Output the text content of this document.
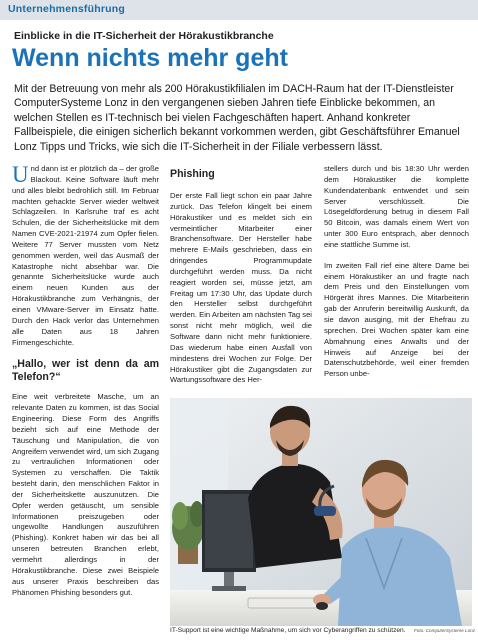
Unternehmensführung
Einblicke in die IT-Sicherheit der Hörakustikbranche
Wenn nichts mehr geht

Mit der Betreuung von mehr als 200 Hörakustikfilialen im DACH-Raum hat der IT-Dienstleister ComputerSysteme Lonz in den vergangenen sieben Jahren tiefe Einblicke bekommen, an welchen Stellen es IT-technisch bei vielen Fachgeschäften hapert. Anhand konkreter Fallbeispiele, die einigen sicherlich bekannt vorkommen werden, gibt Geschäftsführer Emanuel Lonz Tipps und Tricks, wie sich die IT-Sicherheit in der Filiale verbessern lässt.

Und dann ist er plötzlich da – der große Blackout. Keine Software läuft mehr und alles bleibt bedrohlich still. Im Februar machten gehackte Server wieder weltweit Schlagzeilen. In Karlsruhe traf es acht Schulen, die der Sicherheitslücke mit dem Namen CVE-2021-21974 zum Opfer fielen. Weitere 77 Server mussten vom Netz genommen werden, weil das Ausmaß der Katastrophe nicht absehbar war. Die genannte Sicherheitslücke wurde auch einem neuen Kunden aus der Hörakustikbranche zum Verhängnis, der einen VMware-Server im Einsatz hatte. Durch den Hack verlor das Unternehmen alle Daten aus 18 Jahren Firmengeschichte.

„Hallo, wer ist denn da am Telefon?“

Eine weit verbreitete Masche, um an relevante Daten zu kommen, ist das Social Engineering. Diese Form des Angriffs bezieht sich auf eine Methode der Täuschung und Manipulation, die von Angreifern verwendet wird, um sich Zugang zu vertraulichen Informationen oder Systemen zu verschaffen. Die Taktik besteht darin, den menschlichen Faktor in der Sicherheitskette auszunutzen. Die Opfer werden getäuscht, um sensible Informationen preiszugeben oder ungewollte Handlungen auszuführen (Phishing). Konkret haben wir das bei all unseren betreuten Branchen erlebt, vermehrt allerdings in der Hörakustikbranche. Diese zwei Beispiele aus unserer Praxis beschreiben das Phänomen Phishing besonders gut.

Phishing

Der erste Fall liegt schon ein paar Jahre zurück. Das Telefon klingelt bei einem Hörakustiker und es meldet sich ein vermeintlicher Mitarbeiter einer Branchensoftware. Der Hersteller habe mehrere E-Mails geschrieben, dass ein dringendes Programmupdate durchgeführt werden muss. Da nicht reagiert worden sei, müsse jetzt, am Freitag um 17:30 Uhr, das Update durch den Hersteller selbst durchgeführt werden. Ein Arbeiten am nächsten Tag sei sonst nicht mehr möglich, weil die Software dann nicht mehr funktioniere. Das wiederum habe einen Ausfall von mindestens drei Wochen zur Folge. Der Hörakustiker gibt die Zugangsdaten zur Wartungssoftware des Her-

stellers durch und bis 18:30 Uhr werden dem Hörakustiker die komplette Kundendatenbank entwendet und sein Server verschlüsselt. Die Lösegeldforderung betrug in diesem Fall 50 Bitcoin, was damals einem Wert von unter 300 Euro entsprach, aber dennoch eine stattliche Summe ist.

Im zweiten Fall rief eine ältere Dame bei einem Hörakustiker an und fragte nach dem Preis und den Einstellungen vom Hörgerät ihres Mannes. Die Mitarbeiterin gab der Anruferin bereitwillig Auskunft, da sie davon ausging, mit der Ehefrau zu sprechen. Drei Wochen später kam eine Abmahnung eines Anwalts und der Hinweis auf Anzeige bei der Datenschutzbehörde, weil einer fremden Person unbe-

IT-Support ist eine wichtige Maßnahme, um sich vor Cyberangriffen zu schützen. Foto: ComputerSysteme Lonz
